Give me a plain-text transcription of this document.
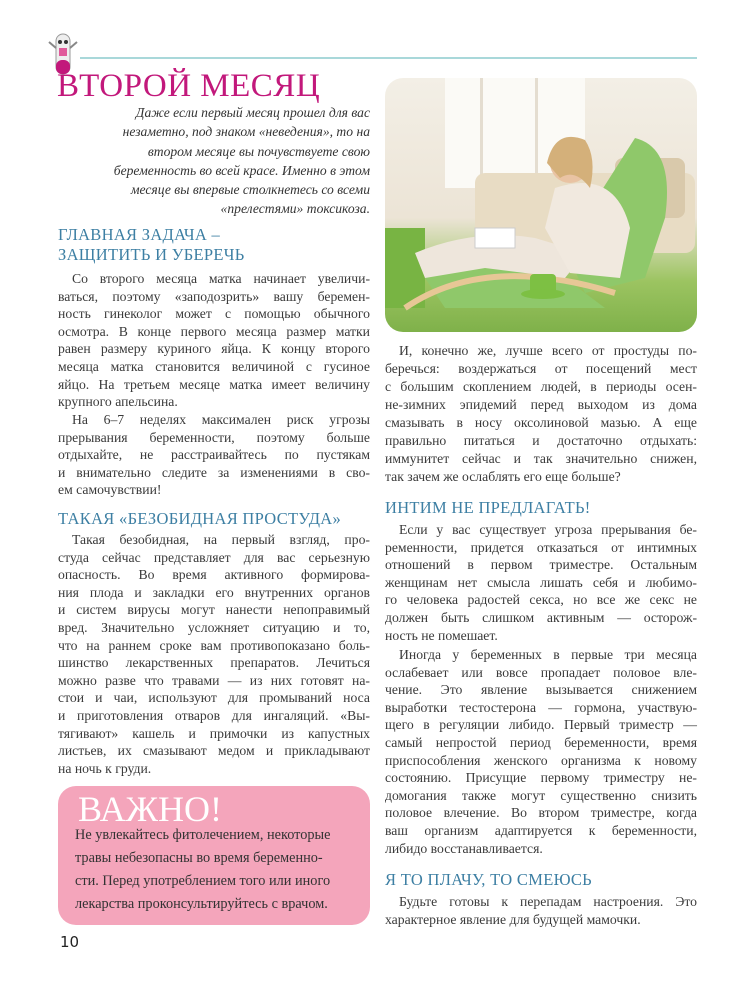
ВТОРОЙ МЕСЯЦ
Даже если первый месяц прошел для вас
незаметно, под знаком «неведения», то на
втором месяце вы почувствуете свою
беременность во всей красе. Именно в этом
месяце вы впервые столкнетесь со всеми
«прелестями» токсикоза.
ГЛАВНАЯ ЗАДАЧА –
ЗАЩИТИТЬ И УБЕРЕЧЬ
Со второго месяца матка начинает увеличи-
ваться, поэтому «заподозрить» вашу беремен-
ность гинеколог может с помощью обычного
осмотра. В конце первого месяца размер матки
равен размеру куриного яйца. К концу второго
месяца матка становится величиной с гусиное
яйцо. На третьем месяце матка имеет величину
крупного апельсина.
На 6–7 неделях максимален риск угрозы
прерывания беременности, поэтому больше
отдыхайте, не расстраивайтесь по пустякам
и внимательно следите за изменениями в сво-
ем самочувствии!
ТАКАЯ «БЕЗОБИДНАЯ ПРОСТУДА»
Такая безобидная, на первый взгляд, про-
студа сейчас представляет для вас серьезную
опасность. Во время активного формирова-
ния плода и закладки его внутренних органов
и систем вирусы могут нанести непоправимый
вред. Значительно усложняет ситуацию и то,
что на раннем сроке вам противопоказано боль-
шинство лекарственных препаратов. Лечиться
можно разве что травами — из них готовят на-
стои и чаи, используют для промываний носа
и приготовления отваров для ингаляций. «Вы-
тягивают» кашель и примочки из капустных
листьев, их смазывают медом и прикладывают
на ночь к груди.
ВАЖНО!
Не увлекайтесь фитолечением, некоторые
травы небезопасны во время беременно-
сти. Перед употреблением того или иного
лекарства проконсультируйтесь с врачом.
10
И, конечно же, лучше всего от простуды по-
беречься: воздержаться от посещений мест
с большим скоплением людей, в периоды осен-
не-зимних эпидемий перед выходом из дома
смазывать в носу оксолиновой мазью. А еще
правильно питаться и достаточно отдыхать:
иммунитет сейчас и так значительно снижен,
так зачем же ослаблять его еще больше?
ИНТИМ НЕ ПРЕДЛАГАТЬ!
Если у вас существует угроза прерывания бе-
ременности, придется отказаться от интимных
отношений в первом триместре. Остальным
женщинам нет смысла лишать себя и любимо-
го человека радостей секса, но все же секс не
должен быть слишком активным — осторож-
ность не помешает.
Иногда у беременных в первые три месяца
ослабевает или вовсе пропадает половое вле-
чение. Это явление вызывается снижением
выработки тестостерона — гормона, участвую-
щего в регуляции либидо. Первый триместр —
самый непростой период беременности, время
приспособления женского организма к новому
состоянию. Присущие первому триместру не-
домогания также могут существенно снизить
половое влечение. Во втором триместре, когда
ваш организм адаптируется к беременности,
либидо восстанавливается.
Я ТО ПЛАЧУ, ТО СМЕЮСЬ
Будьте готовы к перепадам настроения. Это
характерное явление для будущей мамочки.
